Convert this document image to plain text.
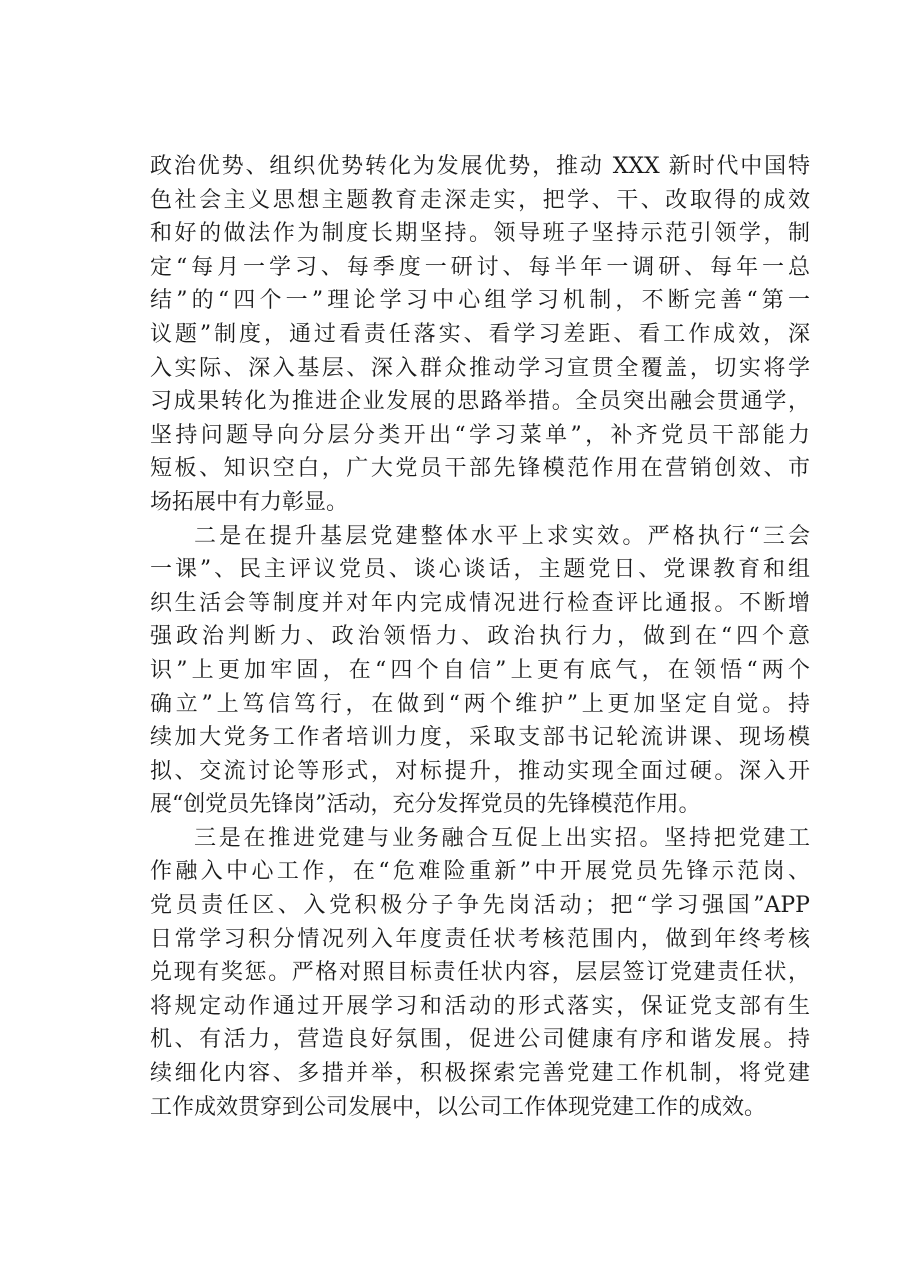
政治优势、组织优势转化为发展优势，推动 XXX 新时代中国特
色社会主义思想主题教育走深走实，把学、干、改取得的成效
和好的做法作为制度长期坚持。领导班子坚持示范引领学，制
定“每月一学习、每季度一研讨、每半年一调研、每年一总
结”的“四个一”理论学习中心组学习机制，不断完善“第一
议题”制度，通过看责任落实、看学习差距、看工作成效，深
入实际、深入基层、深入群众推动学习宣贯全覆盖，切实将学
习成果转化为推进企业发展的思路举措。全员突出融会贯通学，
坚持问题导向分层分类开出“学习菜单”，补齐党员干部能力
短板、知识空白，广大党员干部先锋模范作用在营销创效、市
场拓展中有力彰显。
二是在提升基层党建整体水平上求实效。严格执行“三会
一课”、民主评议党员、谈心谈话，主题党日、党课教育和组
织生活会等制度并对年内完成情况进行检查评比通报。不断增
强政治判断力、政治领悟力、政治执行力，做到在“四个意
识”上更加牢固，在“四个自信”上更有底气，在领悟“两个
确立”上笃信笃行，在做到“两个维护”上更加坚定自觉。持
续加大党务工作者培训力度，采取支部书记轮流讲课、现场模
拟、交流讨论等形式，对标提升，推动实现全面过硬。深入开
展“创党员先锋岗”活动，充分发挥党员的先锋模范作用。
三是在推进党建与业务融合互促上出实招。坚持把党建工
作融入中心工作，在“危难险重新”中开展党员先锋示范岗、
党员责任区、入党积极分子争先岗活动；把“学习强国”APP
日常学习积分情况列入年度责任状考核范围内，做到年终考核
兑现有奖惩。严格对照目标责任状内容，层层签订党建责任状，
将规定动作通过开展学习和活动的形式落实，保证党支部有生
机、有活力，营造良好氛围，促进公司健康有序和谐发展。持
续细化内容、多措并举，积极探索完善党建工作机制，将党建
工作成效贯穿到公司发展中，以公司工作体现党建工作的成效。
